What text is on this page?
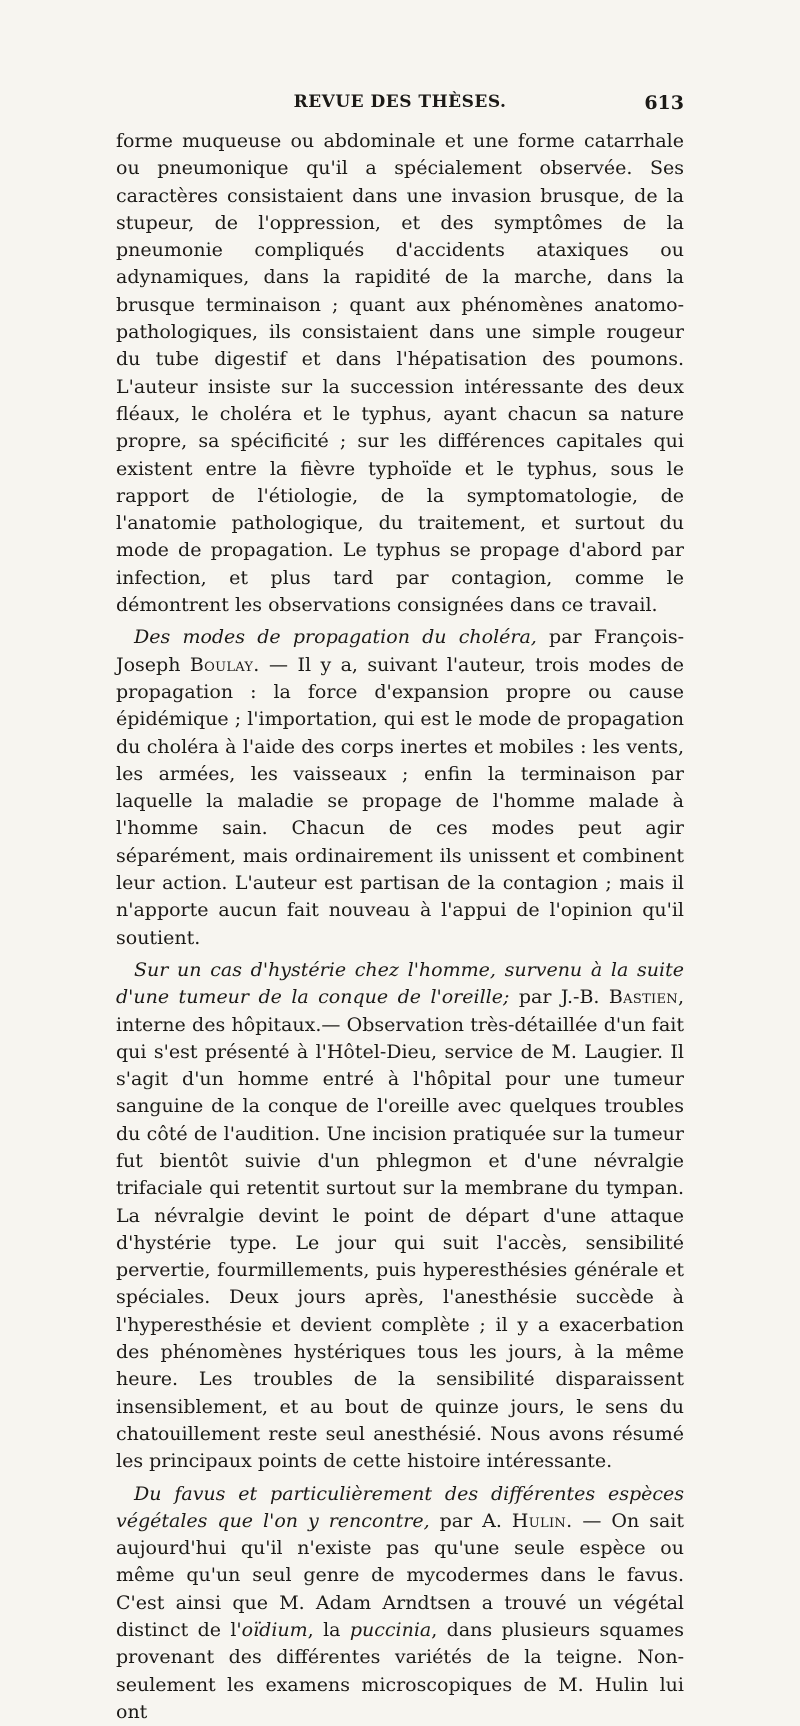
REVUE DES THÈSES.	613

forme muqueuse ou abdominale et une forme catarrhale ou pneumonique qu'il a spécialement observée. Ses caractères consistaient dans une invasion brusque, de la stupeur, de l'oppression, et des symptômes de la pneumonie compliqués d'accidents ataxiques ou adynamiques, dans la rapidité de la marche, dans la brusque terminaison ; quant aux phénomènes anatomo-pathologiques, ils consistaient dans une simple rougeur du tube digestif et dans l'hépatisation des poumons. L'auteur insiste sur la succession intéressante des deux fléaux, le choléra et le typhus, ayant chacun sa nature propre, sa spécificité ; sur les différences capitales qui existent entre la fièvre typhoïde et le typhus, sous le rapport de l'étiologie, de la symptomatologie, de l'anatomie pathologique, du traitement, et surtout du mode de propagation. Le typhus se propage d'abord par infection, et plus tard par contagion, comme le démontrent les observations consignées dans ce travail.

Des modes de propagation du choléra, par François-Joseph Boulay. — Il y a, suivant l'auteur, trois modes de propagation : la force d'expansion propre ou cause épidémique ; l'importation, qui est le mode de propagation du choléra à l'aide des corps inertes et mobiles : les vents, les armées, les vaisseaux ; enfin la terminaison par laquelle la maladie se propage de l'homme malade à l'homme sain. Chacun de ces modes peut agir séparément, mais ordinairement ils unissent et combinent leur action. L'auteur est partisan de la contagion ; mais il n'apporte aucun fait nouveau à l'appui de l'opinion qu'il soutient.

Sur un cas d'hystérie chez l'homme, survenu à la suite d'une tumeur de la conque de l'oreille; par J.-B. Bastien, interne des hôpitaux.— Observation très-détaillée d'un fait qui s'est présenté à l'Hôtel-Dieu, service de M. Laugier. Il s'agit d'un homme entré à l'hôpital pour une tumeur sanguine de la conque de l'oreille avec quelques troubles du côté de l'audition. Une incision pratiquée sur la tumeur fut bientôt suivie d'un phlegmon et d'une névralgie trifaciale qui retentit surtout sur la membrane du tympan. La névralgie devint le point de départ d'une attaque d'hystérie type. Le jour qui suit l'accès, sensibilité pervertie, fourmillements, puis hyperesthésies générale et spéciales. Deux jours après, l'anesthésie succède à l'hyperesthésie et devient complète ; il y a exacerbation des phénomènes hystériques tous les jours, à la même heure. Les troubles de la sensibilité disparaissent insensiblement, et au bout de quinze jours, le sens du chatouillement reste seul anesthésié. Nous avons résumé les principaux points de cette histoire intéressante.

Du favus et particulièrement des différentes espèces végétales que l'on y rencontre, par A. Hulin. — On sait aujourd'hui qu'il n'existe pas qu'une seule espèce ou même qu'un seul genre de mycodermes dans le favus. C'est ainsi que M. Adam Arndtsen a trouvé un végétal distinct de l'oïdium, la puccinia, dans plusieurs squames provenant des différentes variétés de la teigne. Non-seulement les examens microscopiques de M. Hulin lui ont
